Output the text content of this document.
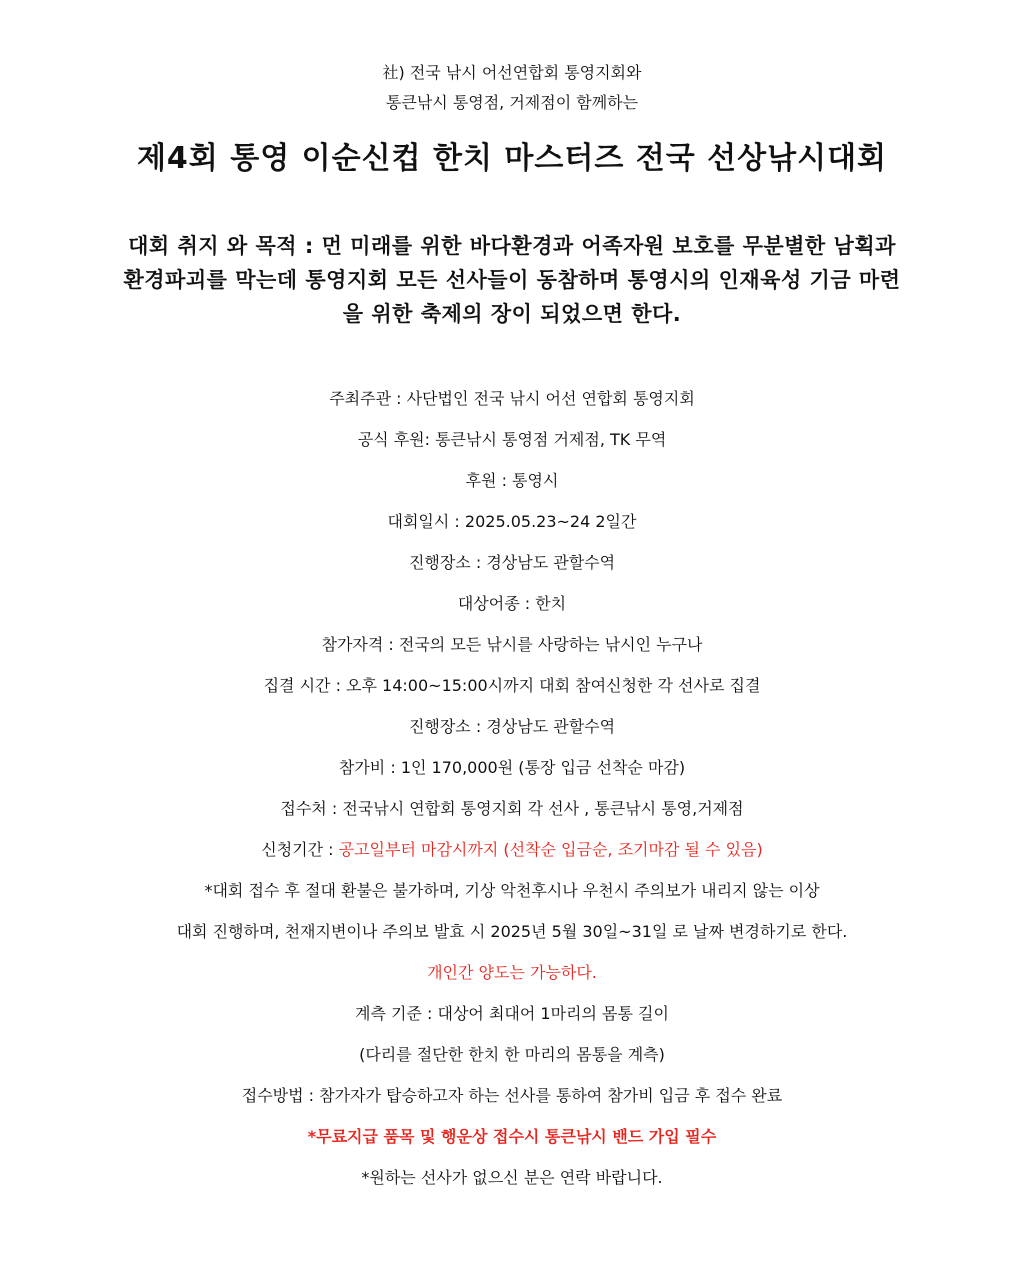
社) 전국 낚시 어선연합회 통영지회와
통큰낚시 통영점, 거제점이 함께하는
제4회 통영 이순신컵 한치 마스터즈 전국 선상낚시대회
대회 취지 와 목적 : 먼 미래를 위한 바다환경과 어족자원 보호를 무분별한 남획과
환경파괴를 막는데 통영지회 모든 선사들이 동참하며 통영시의 인재육성 기금 마련
을 위한 축제의 장이 되었으면 한다.
주최주관 : 사단법인 전국 낚시 어선 연합회 통영지회
공식 후원: 통큰낚시 통영점 거제점, TK 무역
후원 : 통영시
대회일시 : 2025.05.23~24 2일간
진행장소 : 경상남도 관할수역
대상어종 : 한치
참가자격 : 전국의 모든 낚시를 사랑하는 낚시인 누구나
집결 시간 : 오후 14:00~15:00시까지 대회 참여신청한 각 선사로 집결
진행장소 : 경상남도 관할수역
참가비 : 1인 170,000원 (통장 입금 선착순 마감)
접수처 : 전국낚시 연합회 통영지회 각 선사 , 통큰낚시 통영,거제점
신청기간 : 공고일부터 마감시까지 (선착순 입금순, 조기마감 될 수 있음)
*대회 접수 후 절대 환불은 불가하며, 기상 악천후시나 우천시 주의보가 내리지 않는 이상
대회 진행하며, 천재지변이나 주의보 발효 시 2025년 5월 30일~31일 로 날짜 변경하기로 한다.
개인간 양도는 가능하다.
계측 기준 : 대상어 최대어 1마리의 몸통 길이
(다리를 절단한 한치 한 마리의 몸통을 계측)
접수방법 : 참가자가 탑승하고자 하는 선사를 통하여 참가비 입금 후 접수 완료
*무료지급 품목 및 행운상 접수시 통큰낚시 밴드 가입 필수
*원하는 선사가 없으신 분은 연락 바랍니다.
